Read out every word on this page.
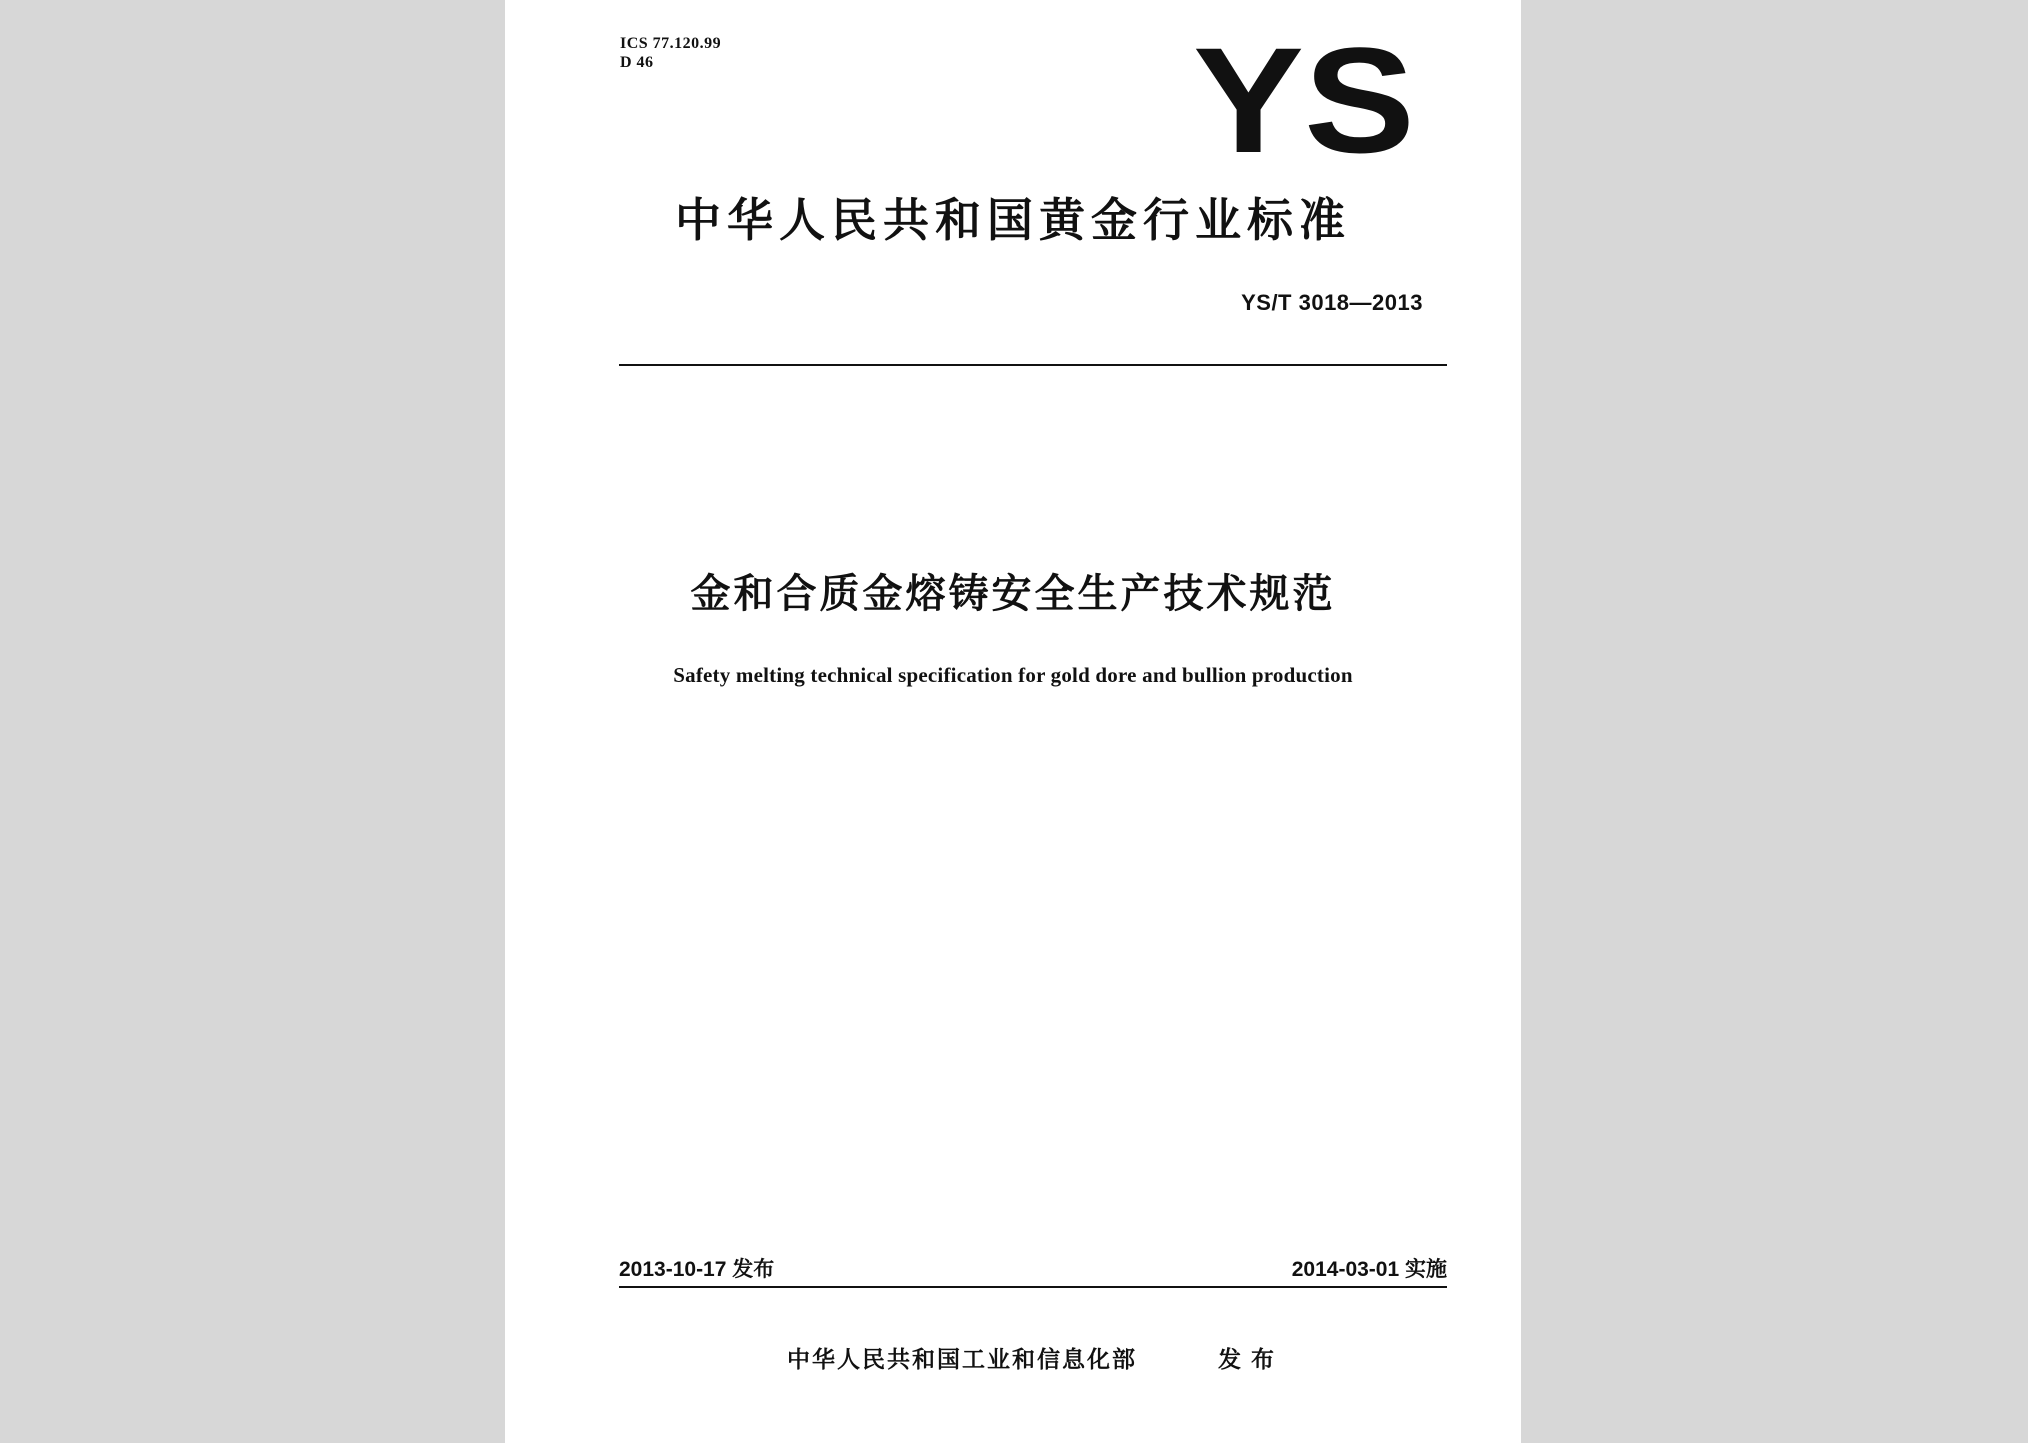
ICS 77.120.99
D 46	YS
中华人民共和国黄金行业标准
YS/T 3018—2013
金和合质金熔铸安全生产技术规范
Safety melting technical specification for gold dore and bullion production
2013-10-17 发布	2014-03-01 实施
中华人民共和国工业和信息化部	发布
